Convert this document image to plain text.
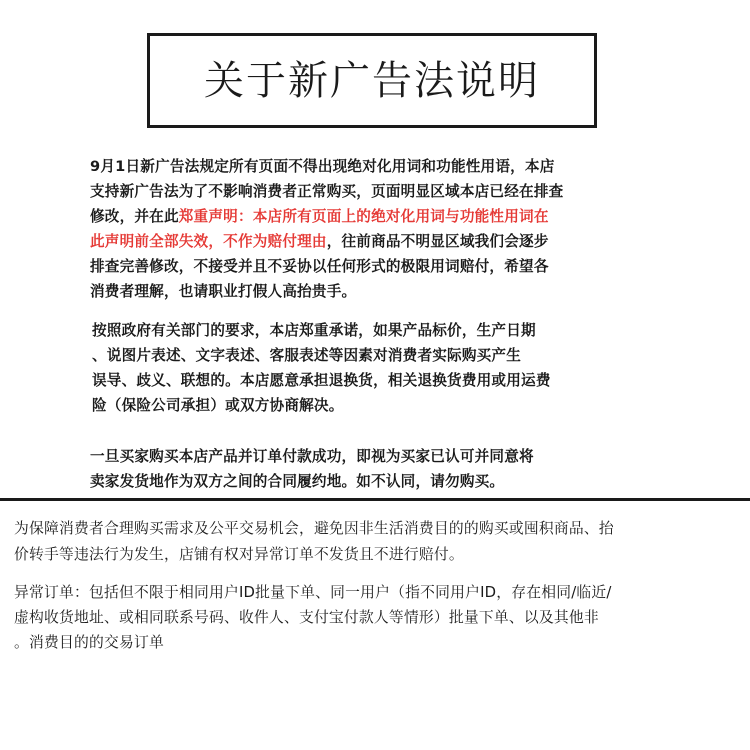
关于新广告法说明
9月1日新广告法规定所有页面不得出现绝对化用词和功能性用语，本店
支持新广告法为了不影响消费者正常购买，页面明显区域本店已经在排查
修改，并在此郑重声明：本店所有页面上的绝对化用词与功能性用词在
此声明前全部失效，不作为赔付理由，往前商品不明显区域我们会逐步
排查完善修改，不接受并且不妥协以任何形式的极限用词赔付，希望各
消费者理解，也请职业打假人高抬贵手。
按照政府有关部门的要求，本店郑重承诺，如果产品标价，生产日期
、说图片表述、文字表述、客服表述等因素对消费者实际购买产生
误导、歧义、联想的。本店愿意承担退换货，相关退换货费用或用运费
险（保险公司承担）或双方协商解决。
一旦买家购买本店产品并订单付款成功，即视为买家已认可并同意将
卖家发货地作为双方之间的合同履约地。如不认同，请勿购买。
为保障消费者合理购买需求及公平交易机会，避免因非生活消费目的的购买或囤积商品、抬
价转手等违法行为发生，店铺有权对异常订单不发货且不进行赔付。
异常订单：包括但不限于相同用户ID批量下单、同一用户（指不同用户ID，存在相同/临近/
虚构收货地址、或相同联系号码、收件人、支付宝付款人等情形）批量下单、以及其他非
。消费目的的交易订单
